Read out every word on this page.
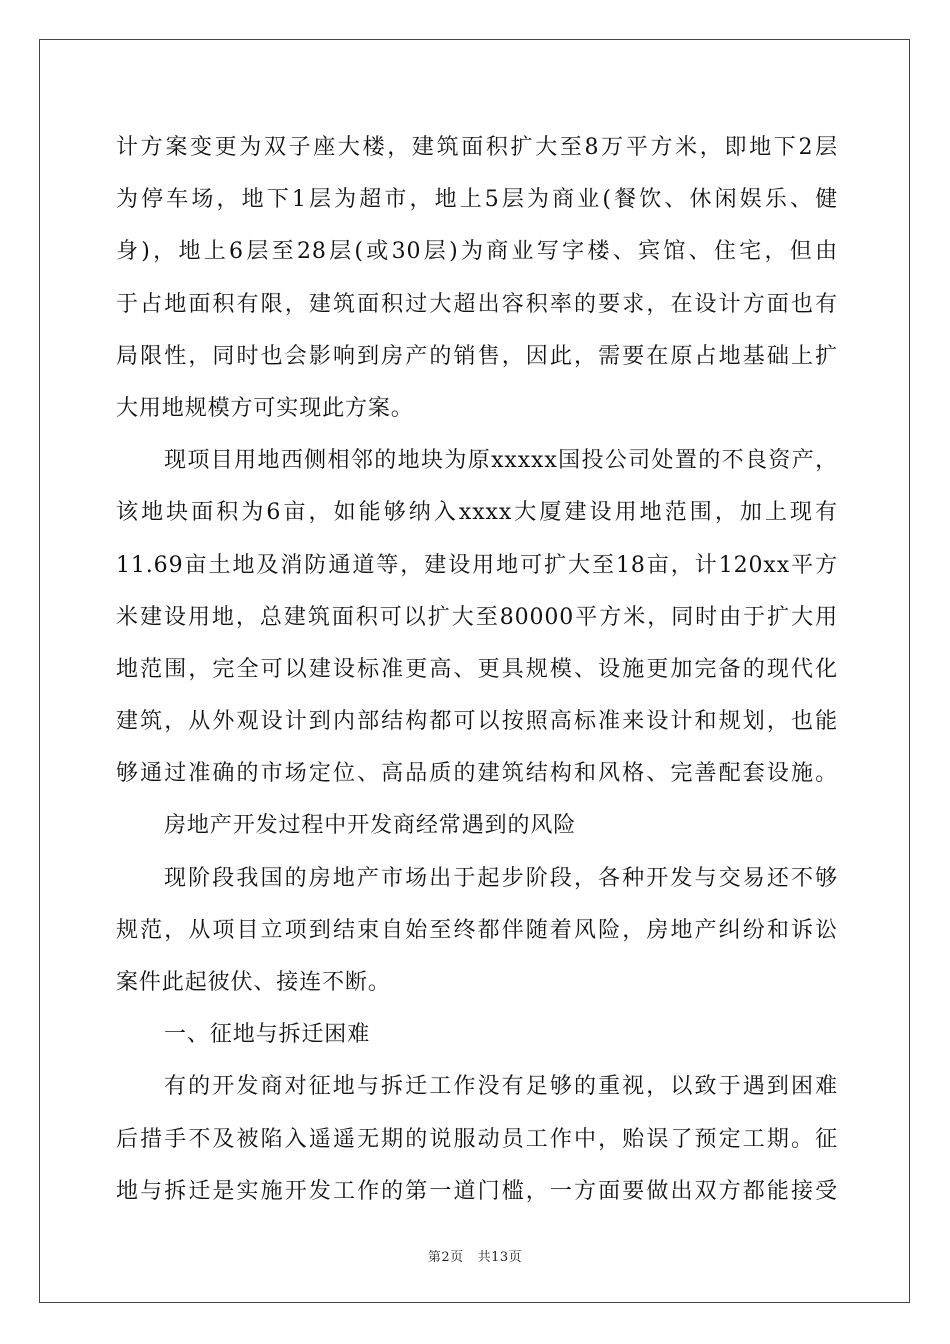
计方案变更为双子座大楼，建筑面积扩大至8万平方米，即地下2层
为停车场，地下1层为超市，地上5层为商业(餐饮、休闲娱乐、健
身)，地上6层至28层(或30层)为商业写字楼、宾馆、住宅，但由
于占地面积有限，建筑面积过大超出容积率的要求，在设计方面也有
局限性，同时也会影响到房产的销售，因此，需要在原占地基础上扩
大用地规模方可实现此方案。
现项目用地西侧相邻的地块为原xxxxx国投公司处置的不良资产，
该地块面积为6亩，如能够纳入xxxx大厦建设用地范围，加上现有
11.69亩土地及消防通道等，建设用地可扩大至18亩，计120xx平方
米建设用地，总建筑面积可以扩大至80000平方米，同时由于扩大用
地范围，完全可以建设标准更高、更具规模、设施更加完备的现代化
建筑，从外观设计到内部结构都可以按照高标准来设计和规划，也能
够通过准确的市场定位、高品质的建筑结构和风格、完善配套设施。
房地产开发过程中开发商经常遇到的风险
现阶段我国的房地产市场出于起步阶段，各种开发与交易还不够
规范，从项目立项到结束自始至终都伴随着风险，房地产纠纷和诉讼
案件此起彼伏、接连不断。
一、征地与拆迁困难
有的开发商对征地与拆迁工作没有足够的重视，以致于遇到困难
后措手不及被陷入遥遥无期的说服动员工作中，贻误了预定工期。征
地与拆迁是实施开发工作的第一道门槛，一方面要做出双方都能接受
第2页 共13页
